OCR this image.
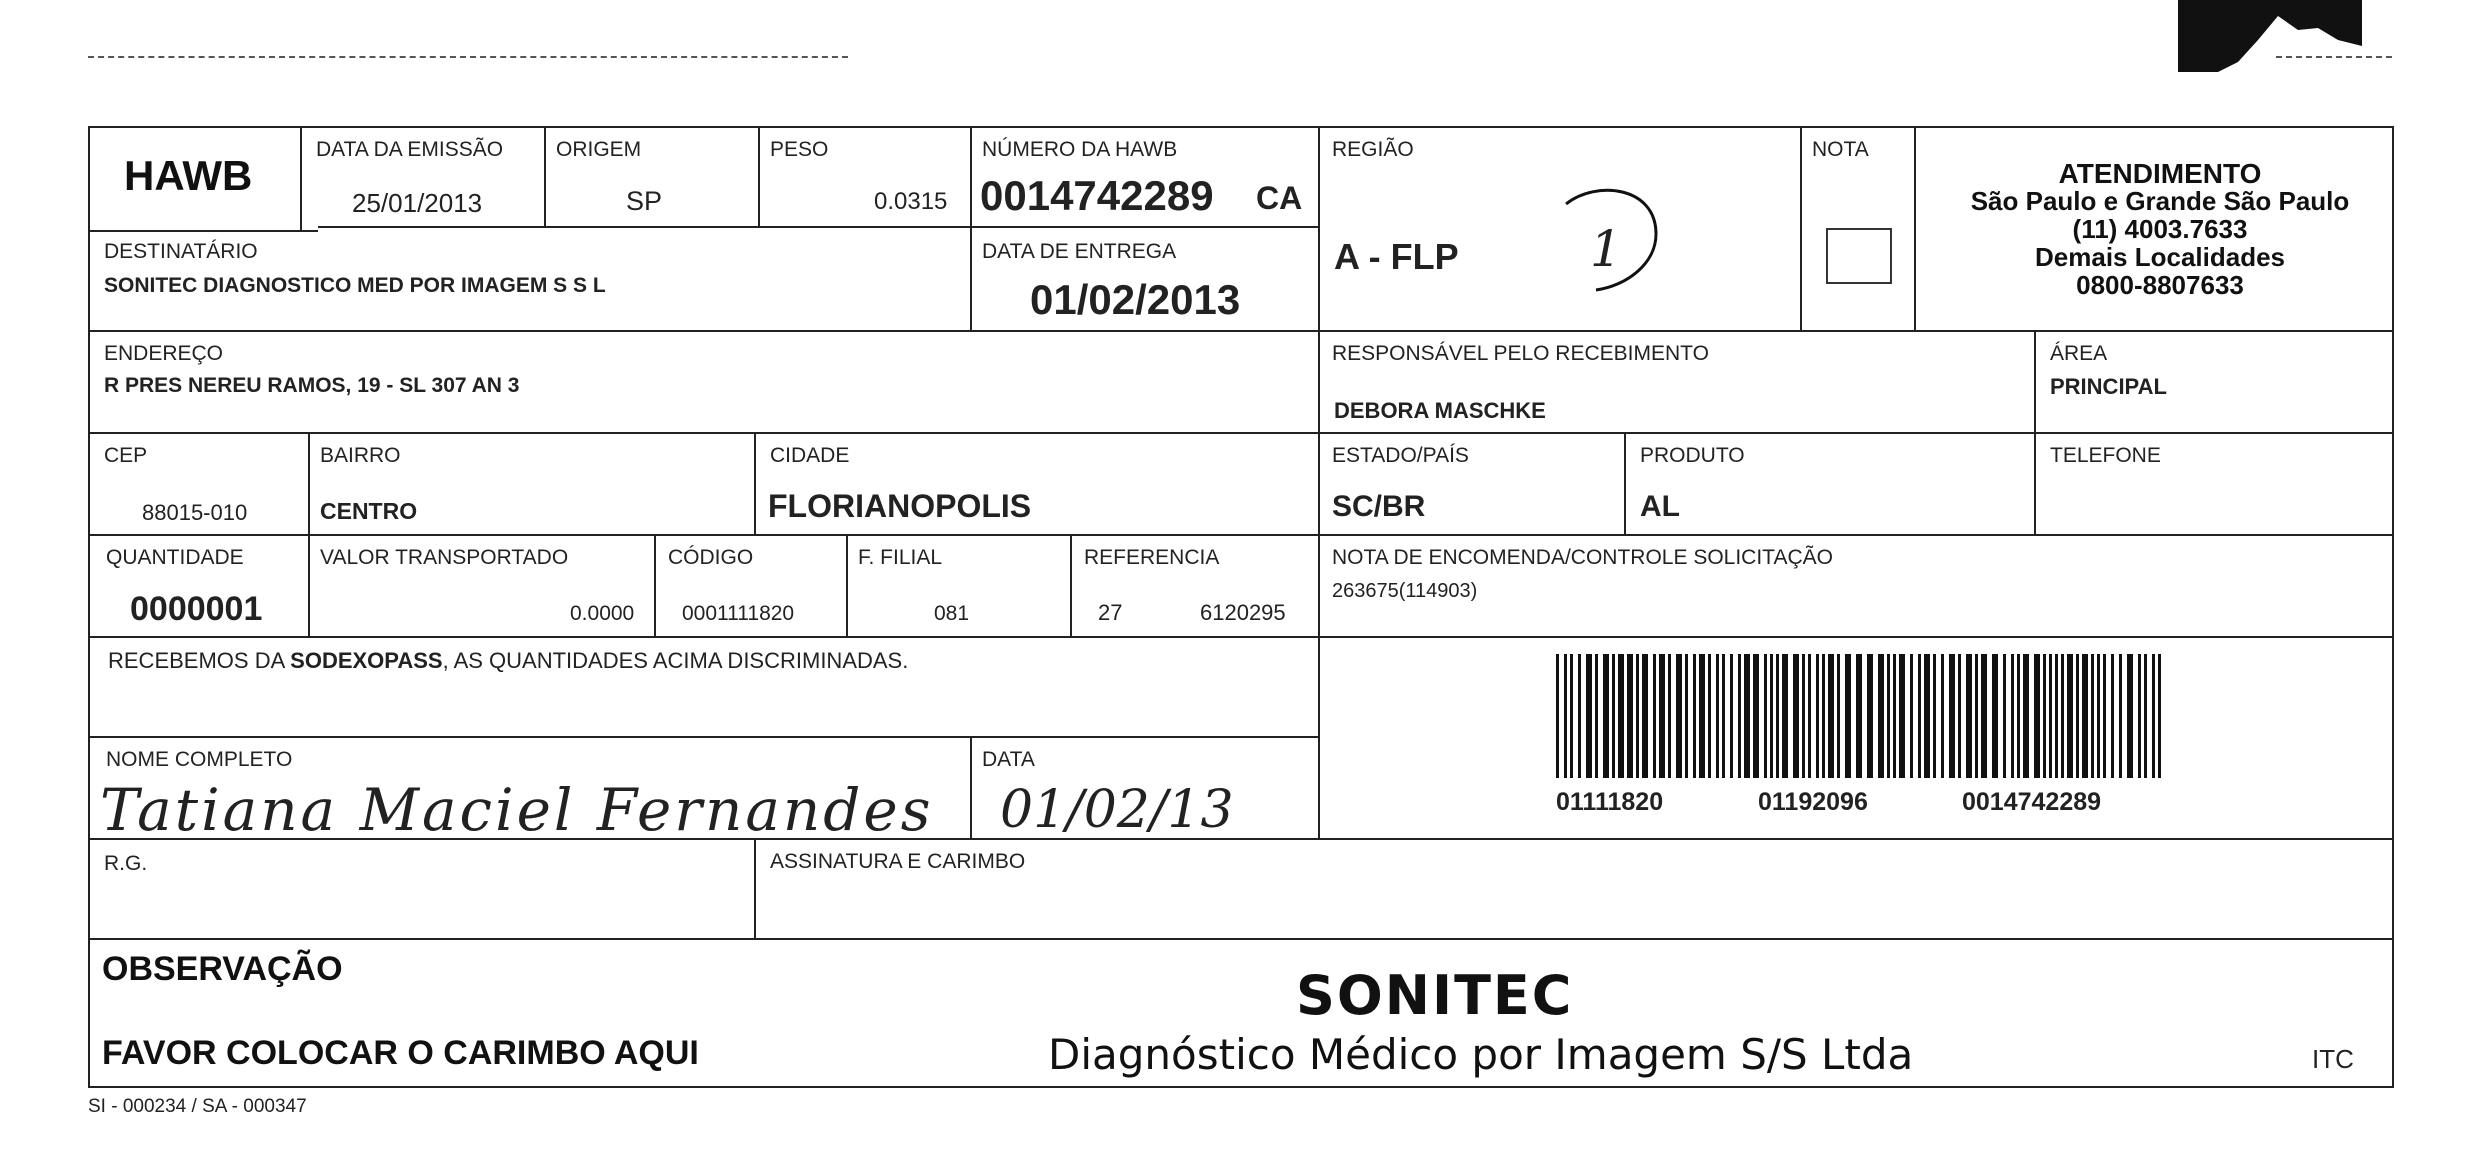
HAWB
DATA DA EMISSÃO
25/01/2013
ORIGEM
SP
PESO
0.0315
NÚMERO DA HAWB
0014742289 CA
REGIÃO
A - FLP	1
NOTA
ATENDIMENTO
São Paulo e Grande São Paulo
(11) 4003.7633
Demais Localidades
0800-8807633
DESTINATÁRIO
SONITEC DIAGNOSTICO MED POR IMAGEM S S L
DATA DE ENTREGA
01/02/2013
ENDEREÇO
R PRES NEREU RAMOS, 19 - SL 307 AN 3
RESPONSÁVEL PELO RECEBIMENTO
DEBORA MASCHKE
ÁREA
PRINCIPAL
CEP
88015-010
BAIRRO
CENTRO
CIDADE
FLORIANOPOLIS
ESTADO/PAÍS
SC/BR
PRODUTO
AL
TELEFONE
QUANTIDADE
0000001
VALOR TRANSPORTADO
0.0000
CÓDIGO
0001111820
F. FILIAL
081
REFERENCIA
27	6120295
NOTA DE ENCOMENDA/CONTROLE SOLICITAÇÃO
263675(114903)
RECEBEMOS DA SODEXOPASS, AS QUANTIDADES ACIMA DISCRIMINADAS.
01111820	01192096	0014742289
NOME COMPLETO
Tatiana Maciel Fernandes
DATA
01/02/13
R.G.	ASSINATURA E CARIMBO
OBSERVAÇÃO
FAVOR COLOCAR O CARIMBO AQUI
SONITEC
Diagnóstico Médico por Imagem S/S Ltda	ITC
SI - 000234 / SA - 000347
